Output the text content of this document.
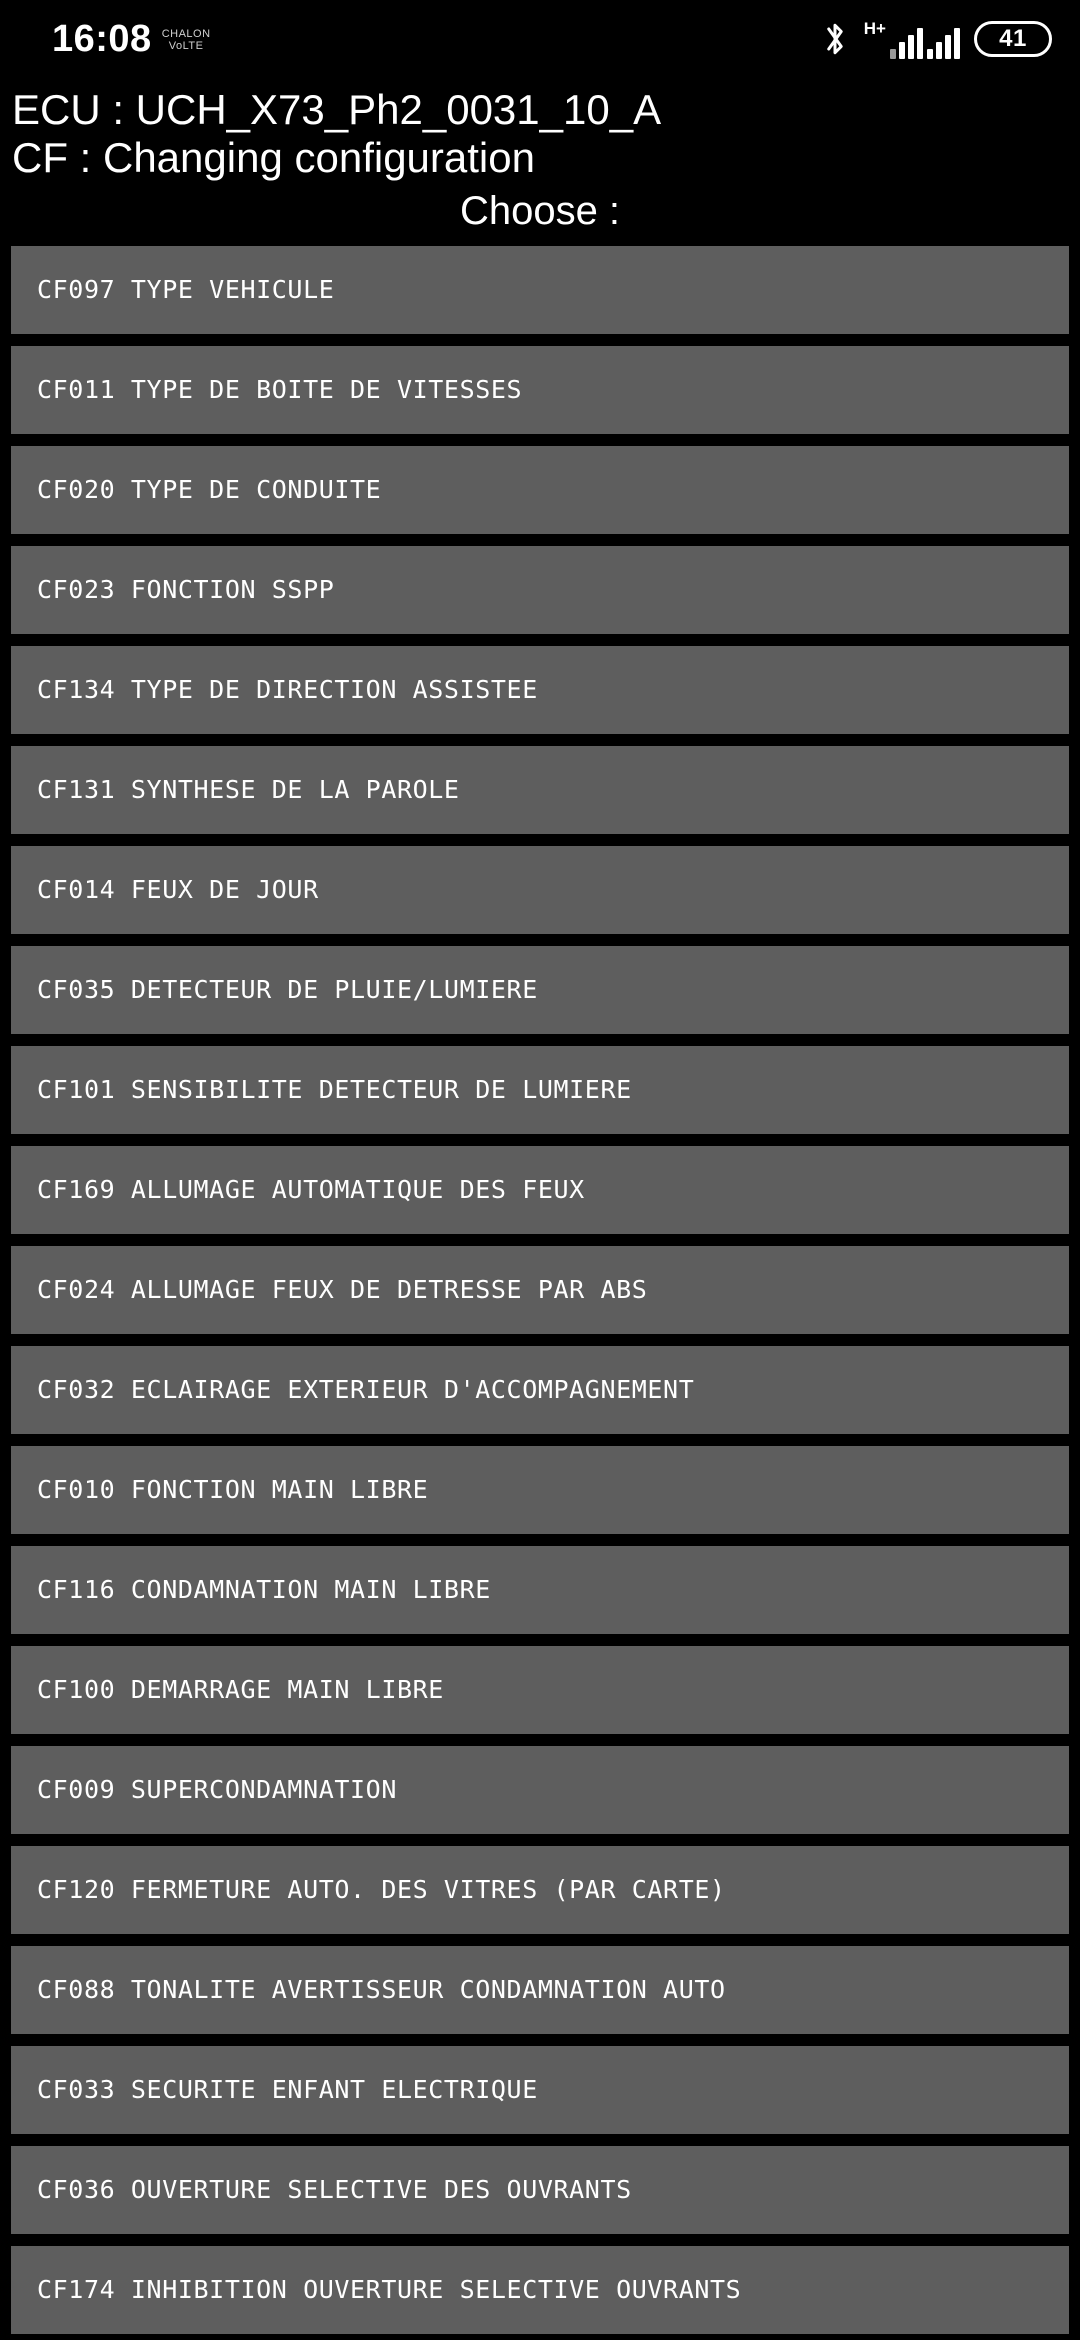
16:08 CHALON
VoLTE
H+	41
ECU : UCH_X73_Ph2_0031_10_A
CF : Changing configuration
Choose :
CF097 TYPE VEHICULE
CF011 TYPE DE BOITE DE VITESSES
CF020 TYPE DE CONDUITE
CF023 FONCTION SSPP
CF134 TYPE DE DIRECTION ASSISTEE
CF131 SYNTHESE DE LA PAROLE
CF014 FEUX DE JOUR
CF035 DETECTEUR DE PLUIE/LUMIERE
CF101 SENSIBILITE DETECTEUR DE LUMIERE
CF169 ALLUMAGE AUTOMATIQUE DES FEUX
CF024 ALLUMAGE FEUX DE DETRESSE PAR ABS
CF032 ECLAIRAGE EXTERIEUR D'ACCOMPAGNEMENT
CF010 FONCTION MAIN LIBRE
CF116 CONDAMNATION MAIN LIBRE
CF100 DEMARRAGE MAIN LIBRE
CF009 SUPERCONDAMNATION
CF120 FERMETURE AUTO. DES VITRES (PAR CARTE)
CF088 TONALITE AVERTISSEUR CONDAMNATION AUTO
CF033 SECURITE ENFANT ELECTRIQUE
CF036 OUVERTURE SELECTIVE DES OUVRANTS
CF174 INHIBITION OUVERTURE SELECTIVE OUVRANTS
